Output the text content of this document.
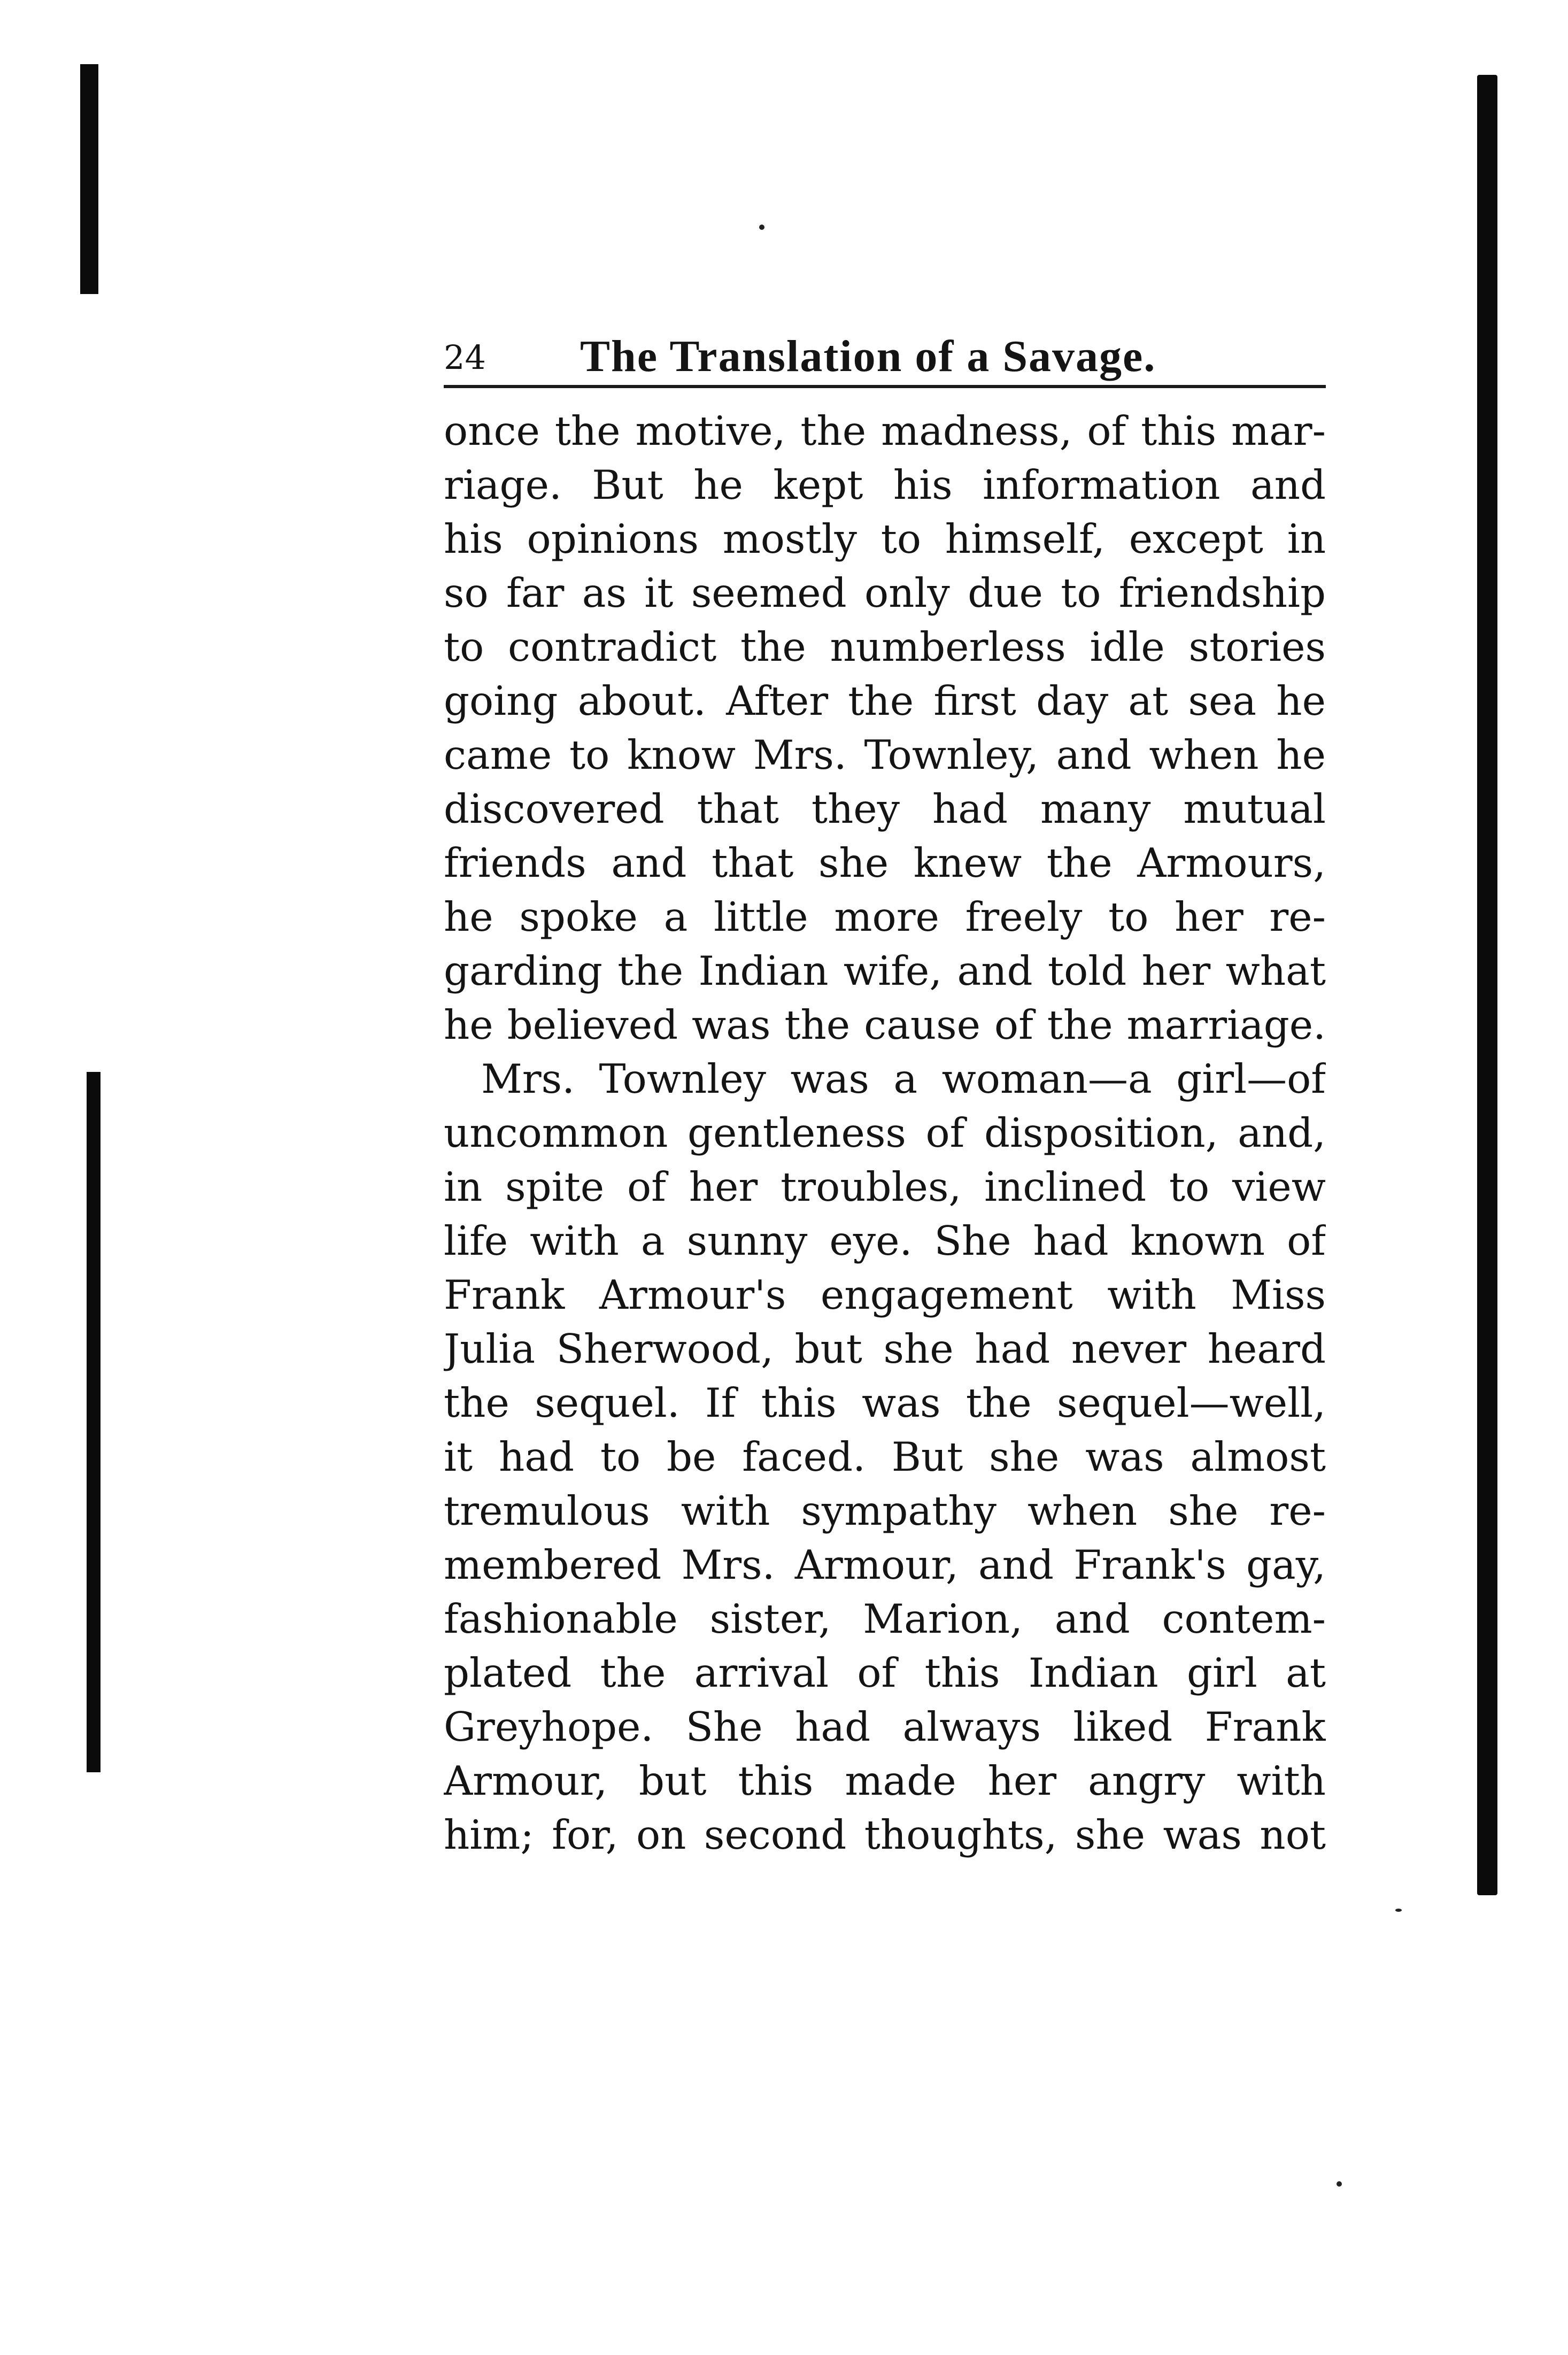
24 The Translation of a Savage.
once the motive, the madness, of this mar-
riage. But he kept his information and
his opinions mostly to himself, except in
so far as it seemed only due to friendship
to contradict the numberless idle stories
going about. After the first day at sea he
came to know Mrs. Townley, and when he
discovered that they had many mutual
friends and that she knew the Armours,
he spoke a little more freely to her re-
garding the Indian wife, and told her what
he believed was the cause of the marriage.
Mrs. Townley was a woman—a girl—of
uncommon gentleness of disposition, and,
in spite of her troubles, inclined to view
life with a sunny eye. She had known of
Frank Armour's engagement with Miss
Julia Sherwood, but she had never heard
the sequel. If this was the sequel—well,
it had to be faced. But she was almost
tremulous with sympathy when she re-
membered Mrs. Armour, and Frank's gay,
fashionable sister, Marion, and contem-
plated the arrival of this Indian girl at
Greyhope. She had always liked Frank
Armour, but this made her angry with
him; for, on second thoughts, she was not
